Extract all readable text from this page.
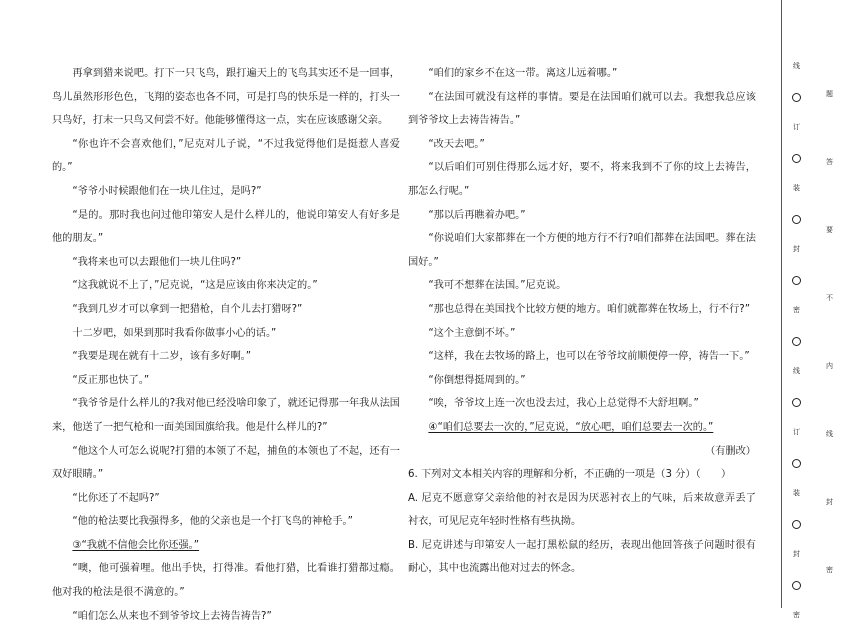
再拿到猎来说吧。打下一只飞鸟，跟打遍天上的飞鸟其实还不是一回事，鸟儿虽然形形色色，飞翔的姿态也各不同，可是打鸟的快乐是一样的，打头一只鸟好，打末一只鸟又何尝不好。他能够懂得这一点，实在应该感谢父亲。

“你也许不会喜欢他们，”尼克对儿子说，“不过我觉得他们是挺惹人喜爱的。”

“爷爷小时候跟他们在一块儿住过，是吗?”

“是的。那时我也问过他印第安人是什么样儿的，他说印第安人有好多是他的朋友。”

“我将来也可以去跟他们一块儿住吗?”

“这我就说不上了，”尼克说，“这是应该由你来决定的。”

“我到几岁才可以拿到一把猎枪，自个儿去打猎呀?”

十二岁吧，如果到那时我看你做事小心的话。”

“我要是现在就有十二岁，该有多好啊。”

“反正那也快了。”

“我爷爷是什么样儿的?我对他已经没啥印象了，就还记得那一年我从法国来，他送了一把气枪和一面美国国旗给我。他是什么样儿的?”

“他这个人可怎么说呢?打猎的本领了不起，捕鱼的本领也了不起，还有一双好眼睛。”

“比你还了不起吗?”

“他的枪法要比我强得多，他的父亲也是一个打飞鸟的神枪手。”

③“我就不信他会比你还强。”

“噢，他可强着哩。他出手快，打得准。看他打猎，比看谁打猎都过瘾。他对我的枪法是很不满意的。”

“咱们怎么从来也不到爷爷坟上去祷告祷告?”

“咱们的家乡不在这一带。离这儿远着哪。”

“在法国可就没有这样的事情。要是在法国咱们就可以去。我想我总应该到爷爷坟上去祷告祷告。”

“改天去吧。”

“以后咱们可别住得那么远才好，要不，将来我到不了你的坟上去祷告，那怎么行呢。”

“那以后再瞧着办吧。”

“你说咱们大家都葬在一个方便的地方行不行?咱们都葬在法国吧。葬在法国好。”

“我可不想葬在法国。”尼克说。

“那也总得在美国找个比较方便的地方。咱们就都葬在牧场上，行不行?”

“这个主意倒不坏。”

“这样，我在去牧场的路上，也可以在爷爷坟前顺便停一停，祷告一下。”

“你倒想得挺周到的。”

“唉，爷爷坟上连一次也没去过，我心上总觉得不大舒坦啊。”

④“咱们总要去一次的，”尼克说，“放心吧，咱们总要去一次的。”

（有删改）

6. 下列对文本相关内容的理解和分析，不正确的一项是（3 分）（　　）

A. 尼克不愿意穿父亲给他的衬衣是因为厌恶衬衣上的气味，后来故意弄丢了衬衣，可见尼克年轻时性格有些执拗。

B. 尼克讲述与印第安人一起打黑松鼠的经历，表现出他回答孩子问题时很有耐心，其中也流露出他对过去的怀念。

线
订
装
封
密
线
订
装
封
密
题
答
要
不
内
线
封
密
